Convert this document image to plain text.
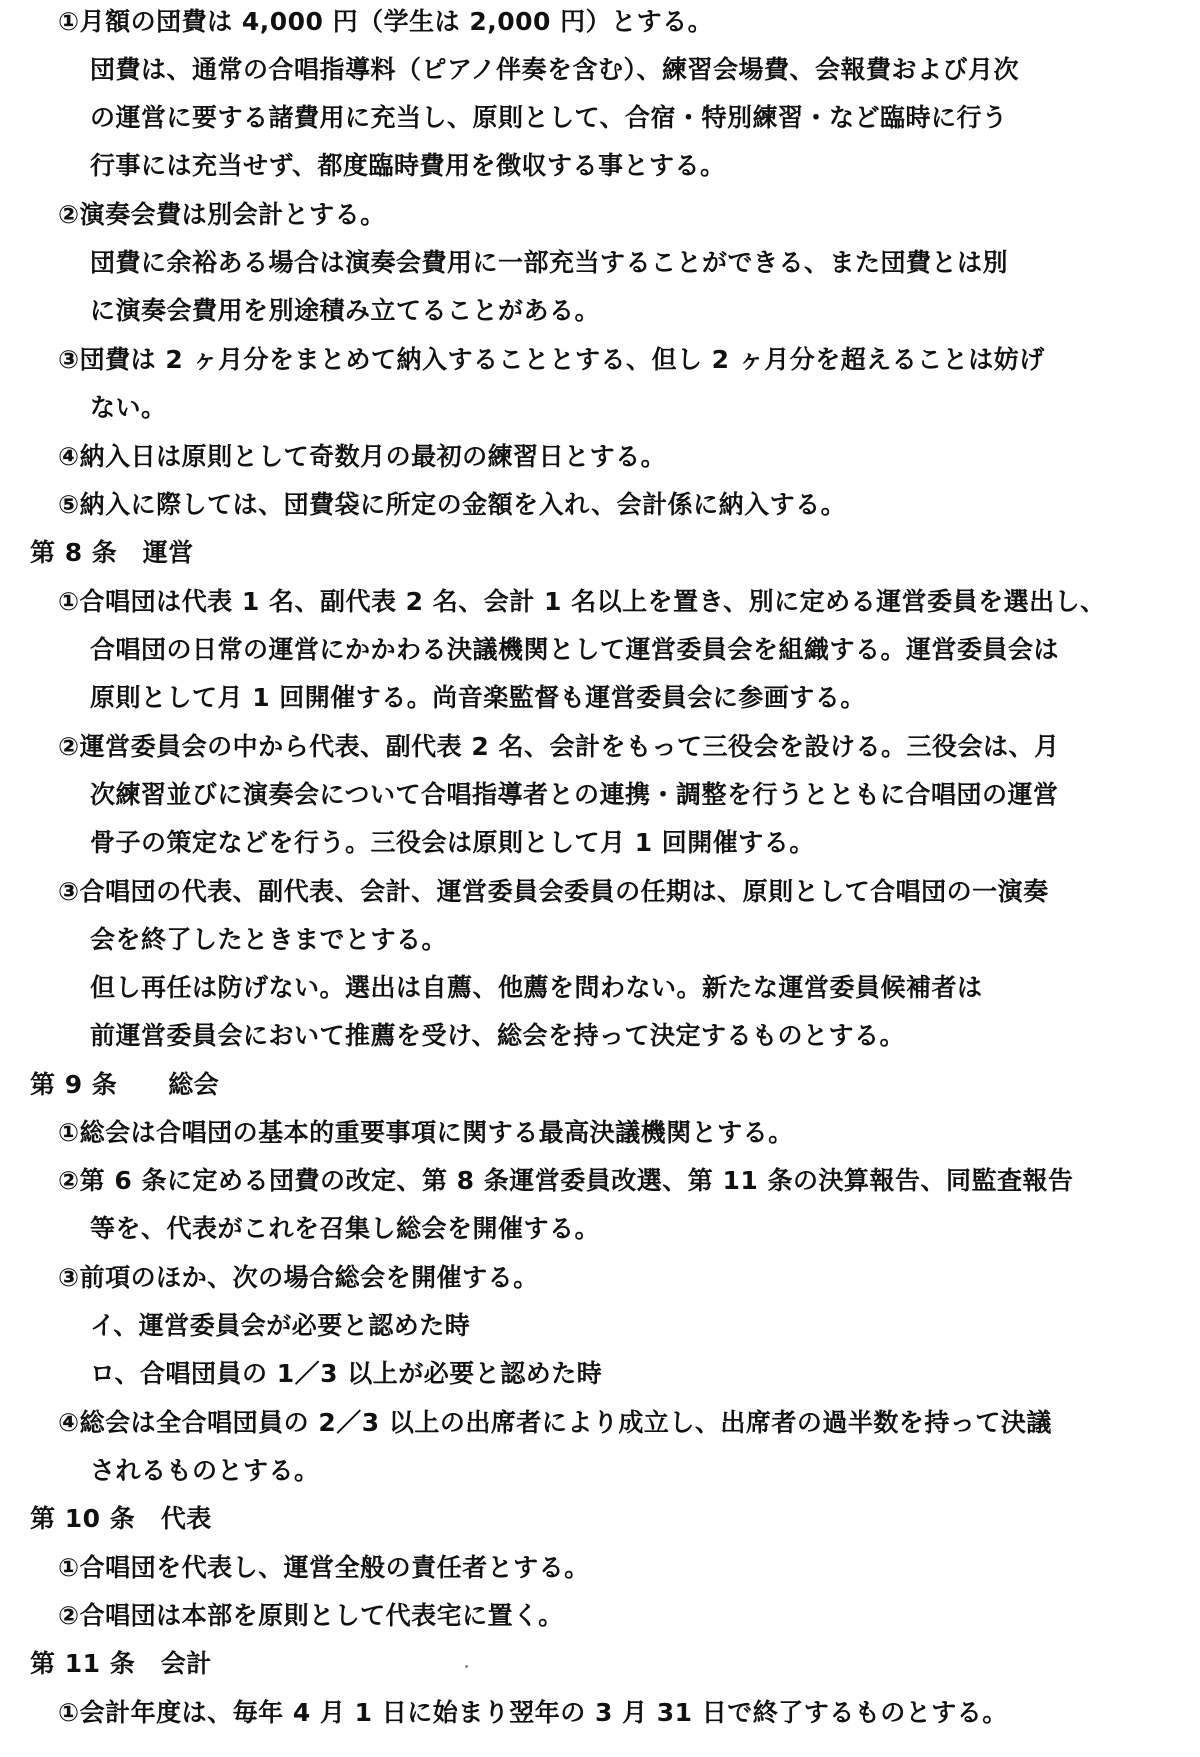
①月額の団費は 4,000 円（学生は 2,000 円）とする。
団費は、通常の合唱指導料（ピアノ伴奏を含む）、練習会場費、会報費および月次
の運営に要する諸費用に充当し、原則として、合宿・特別練習・など臨時に行う
行事には充当せず、都度臨時費用を徴収する事とする。
②演奏会費は別会計とする。
団費に余裕ある場合は演奏会費用に一部充当することができる、また団費とは別
に演奏会費用を別途積み立てることがある。
③団費は 2 ヶ月分をまとめて納入することとする、但し 2 ヶ月分を超えることは妨げ
ない。
④納入日は原則として奇数月の最初の練習日とする。
⑤納入に際しては、団費袋に所定の金額を入れ、会計係に納入する。
第 8 条　運営
①合唱団は代表 1 名、副代表 2 名、会計 1 名以上を置き、別に定める運営委員を選出し、
合唱団の日常の運営にかかわる決議機関として運営委員会を組織する。運営委員会は
原則として月 1 回開催する。尚音楽監督も運営委員会に参画する。
②運営委員会の中から代表、副代表 2 名、会計をもって三役会を設ける。三役会は、月
次練習並びに演奏会について合唱指導者との連携・調整を行うとともに合唱団の運営
骨子の策定などを行う。三役会は原則として月 1 回開催する。
③合唱団の代表、副代表、会計、運営委員会委員の任期は、原則として合唱団の一演奏
会を終了したときまでとする。
但し再任は防げない。選出は自薦、他薦を問わない。新たな運営委員候補者は
前運営委員会において推薦を受け、総会を持って決定するものとする。
第 9 条　　総会
①総会は合唱団の基本的重要事項に関する最高決議機関とする。
②第 6 条に定める団費の改定、第 8 条運営委員改選、第 11 条の決算報告、同監査報告
等を、代表がこれを召集し総会を開催する。
③前項のほか、次の場合総会を開催する。
イ、運営委員会が必要と認めた時
ロ、合唱団員の 1／3 以上が必要と認めた時
④総会は全合唱団員の 2／3 以上の出席者により成立し、出席者の過半数を持って決議
されるものとする。
第 10 条　代表
①合唱団を代表し、運営全般の責任者とする。
②合唱団は本部を原則として代表宅に置く。
第 11 条　会計
①会計年度は、毎年 4 月 1 日に始まり翌年の 3 月 31 日で終了するものとする。
